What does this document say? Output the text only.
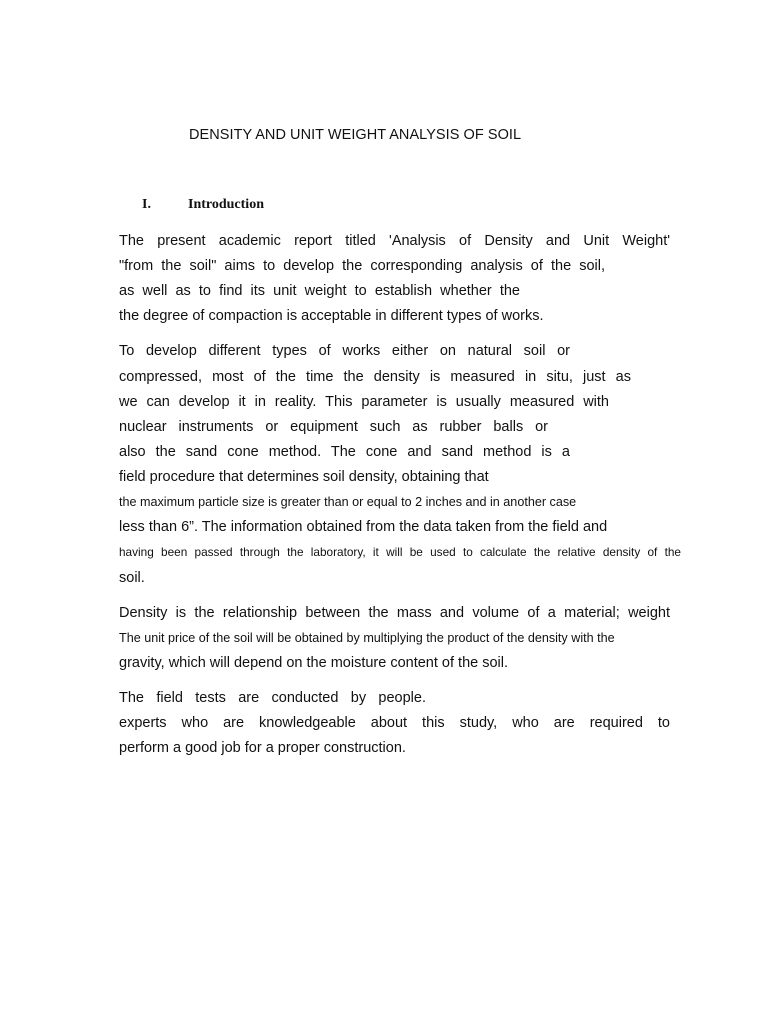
DENSITY AND UNIT WEIGHT ANALYSIS OF SOIL
I.	Introduction
The present academic report titled 'Analysis of Density and Unit Weight'
"from the soil" aims to develop the corresponding analysis of the soil,
as well as to find its unit weight to establish whether the
the degree of compaction is acceptable in different types of works.
To develop different types of works either on natural soil or
compressed, most of the time the density is measured in situ, just as
we can develop it in reality. This parameter is usually measured with
nuclear instruments or equipment such as rubber balls or
also the sand cone method. The cone and sand method is a
field procedure that determines soil density, obtaining that
the maximum particle size is greater than or equal to 2 inches and in another case
less than 6”. The information obtained from the data taken from the field and
having been passed through the laboratory, it will be used to calculate the relative density of the
soil.
Density is the relationship between the mass and volume of a material; weight
The unit price of the soil will be obtained by multiplying the product of the density with the
gravity, which will depend on the moisture content of the soil.
The field tests are conducted by people.
experts who are knowledgeable about this study, who are required to
perform a good job for a proper construction.
